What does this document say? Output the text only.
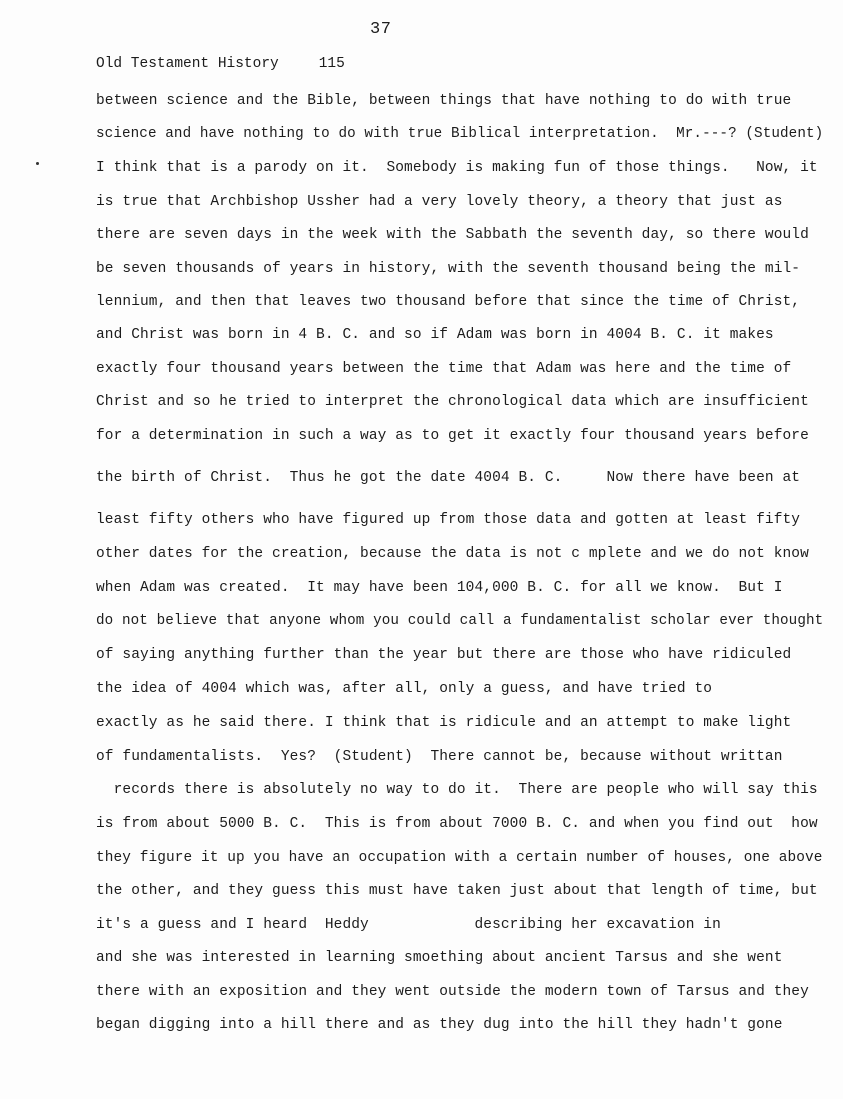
37
Old Testament History	115
between science and the Bible, between things that have nothing to do with true
science and have nothing to do with true Biblical interpretation.  Mr.---? (Student)
I think that is a parody on it.  Somebody is making fun of those things.   Now, it
is true that Archbishop Ussher had a very lovely theory, a theory that just as
there are seven days in the week with the Sabbath the seventh day, so there would
be seven thousands of years in history, with the seventh thousand being the mil-
lennium, and then that leaves two thousand before that since the time of Christ,
and Christ was born in 4 B. C. and so if Adam was born in 4004 B. C. it makes
exactly four thousand years between the time that Adam was here and the time of
Christ and so he tried to interpret the chronological data which are insufficient
for a determination in such a way as to get it exactly four thousand years before
the birth of Christ.  Thus he got the date 4004 B. C.     Now there have been at
least fifty others who have figured up from those data and gotten at least fifty
other dates for the creation, because the data is not c mplete and we do not know
when Adam was created.  It may have been 104,000 B. C. for all we know.  But I
do not believe that anyone whom you could call a fundamentalist scholar ever thought
of saying anything further than the year but there are those who have ridiculed
the idea of 4004 which was, after all, only a guess, and have tried to
exactly as he said there. I think that is ridicule and an attempt to make light
of fundamentalists.  Yes?  (Student)  There cannot be, because without writtan
records there is absolutely no way to do it.  There are people who will say this
is from about 5000 B. C.  This is from about 7000 B. C. and when you find out  how
they figure it up you have an occupation with a certain number of houses, one above
the other, and they guess this must have taken just about that length of time, but
it's a guess and I heard  Heddy            describing her excavation in
and she was interested in learning smoething about ancient Tarsus and she went
there with an exposition and they went outside the modern town of Tarsus and they
began digging into a hill there and as they dug into the hill they hadn't gone
